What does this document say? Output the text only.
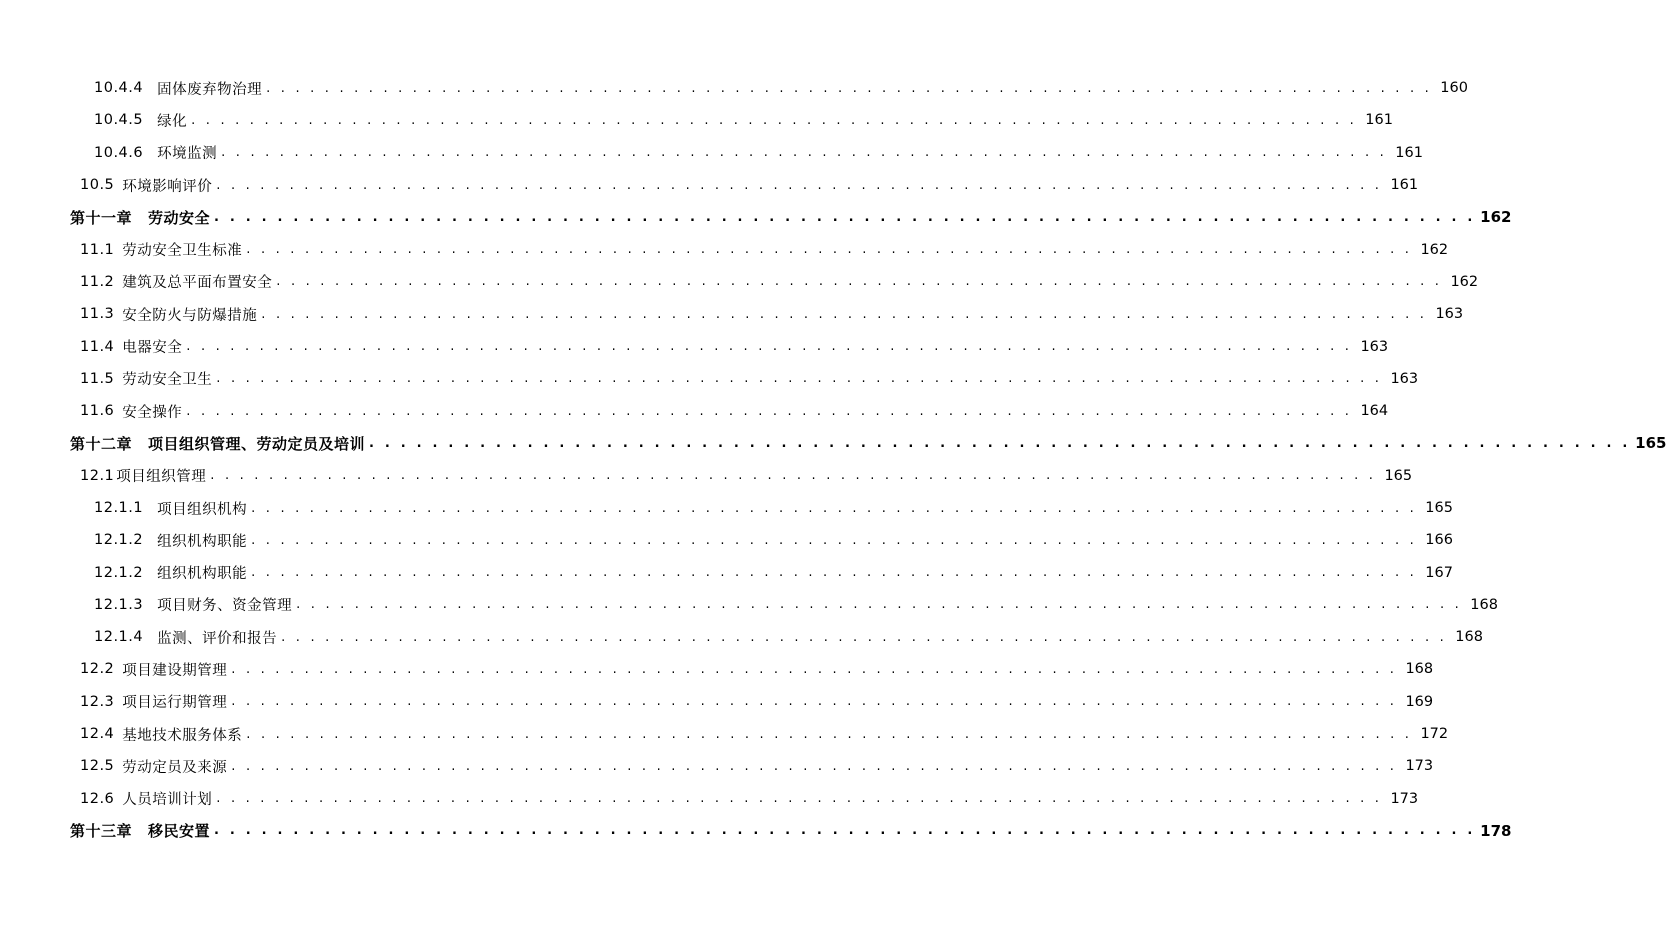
10.4.4 固体废弃物治理 . . . . . . . . . . . . . . . . . . . . . . . . . . . . . . . . . . . . . . . . . . . . . . . . . . . . . . . . . . . . . . . . . . . . . . . . . . . . . . . . 160
10.4.5 绿化 . . . . . . . . . . . . . . . . . . . . . . . . . . . . . . . . . . . . . . . . . . . . . . . . . . . . . . . . . . . . . . . . . . . . . . . . . . . . . . . . 161
10.4.6 环境监测 . . . . . . . . . . . . . . . . . . . . . . . . . . . . . . . . . . . . . . . . . . . . . . . . . . . . . . . . . . . . . . . . . . . . . . . . . . . . . . . . 161
10.5 环境影响评价 . . . . . . . . . . . . . . . . . . . . . . . . . . . . . . . . . . . . . . . . . . . . . . . . . . . . . . . . . . . . . . . . . . . . . . . . . . . . . . . . 161
第十一章 劳动安全 . . . . . . . . . . . . . . . . . . . . . . . . . . . . . . . . . . . . . . . . . . . . . . . . . . . . . . . . . . . . . . . . . . . . . . . . . . . . . . . . 162
11.1 劳动安全卫生标准 . . . . . . . . . . . . . . . . . . . . . . . . . . . . . . . . . . . . . . . . . . . . . . . . . . . . . . . . . . . . . . . . . . . . . . . . . . . . . . . . 162
11.2 建筑及总平面布置安全 . . . . . . . . . . . . . . . . . . . . . . . . . . . . . . . . . . . . . . . . . . . . . . . . . . . . . . . . . . . . . . . . . . . . . . . . . . . . . . . . 162
11.3 安全防火与防爆措施 . . . . . . . . . . . . . . . . . . . . . . . . . . . . . . . . . . . . . . . . . . . . . . . . . . . . . . . . . . . . . . . . . . . . . . . . . . . . . . . . 163
11.4 电器安全 . . . . . . . . . . . . . . . . . . . . . . . . . . . . . . . . . . . . . . . . . . . . . . . . . . . . . . . . . . . . . . . . . . . . . . . . . . . . . . . . 163
11.5 劳动安全卫生 . . . . . . . . . . . . . . . . . . . . . . . . . . . . . . . . . . . . . . . . . . . . . . . . . . . . . . . . . . . . . . . . . . . . . . . . . . . . . . . . 163
11.6 安全操作 . . . . . . . . . . . . . . . . . . . . . . . . . . . . . . . . . . . . . . . . . . . . . . . . . . . . . . . . . . . . . . . . . . . . . . . . . . . . . . . . 164
第十二章 项目组织管理、劳动定员及培训 . . . . . . . . . . . . . . . . . . . . . . . . . . . . . . . . . . . . . . . . . . . . . . . . . . . . . . . . . . . . . . . . . . . . . . . . . . . . . . . . 165
12.1 项目组织管理 . . . . . . . . . . . . . . . . . . . . . . . . . . . . . . . . . . . . . . . . . . . . . . . . . . . . . . . . . . . . . . . . . . . . . . . . . . . . . . . . 165
12.1.1 项目组织机构 . . . . . . . . . . . . . . . . . . . . . . . . . . . . . . . . . . . . . . . . . . . . . . . . . . . . . . . . . . . . . . . . . . . . . . . . . . . . . . . . 165
12.1.2 组织机构职能 . . . . . . . . . . . . . . . . . . . . . . . . . . . . . . . . . . . . . . . . . . . . . . . . . . . . . . . . . . . . . . . . . . . . . . . . . . . . . . . . 166
12.1.2 组织机构职能 . . . . . . . . . . . . . . . . . . . . . . . . . . . . . . . . . . . . . . . . . . . . . . . . . . . . . . . . . . . . . . . . . . . . . . . . . . . . . . . . 167
12.1.3 项目财务、资金管理 . . . . . . . . . . . . . . . . . . . . . . . . . . . . . . . . . . . . . . . . . . . . . . . . . . . . . . . . . . . . . . . . . . . . . . . . . . . . . . . . 168
12.1.4 监测、评价和报告 . . . . . . . . . . . . . . . . . . . . . . . . . . . . . . . . . . . . . . . . . . . . . . . . . . . . . . . . . . . . . . . . . . . . . . . . . . . . . . . . 168
12.2 项目建设期管理 . . . . . . . . . . . . . . . . . . . . . . . . . . . . . . . . . . . . . . . . . . . . . . . . . . . . . . . . . . . . . . . . . . . . . . . . . . . . . . . . 168
12.3 项目运行期管理 . . . . . . . . . . . . . . . . . . . . . . . . . . . . . . . . . . . . . . . . . . . . . . . . . . . . . . . . . . . . . . . . . . . . . . . . . . . . . . . . 169
12.4 基地技术服务体系 . . . . . . . . . . . . . . . . . . . . . . . . . . . . . . . . . . . . . . . . . . . . . . . . . . . . . . . . . . . . . . . . . . . . . . . . . . . . . . . . 172
12.5 劳动定员及来源 . . . . . . . . . . . . . . . . . . . . . . . . . . . . . . . . . . . . . . . . . . . . . . . . . . . . . . . . . . . . . . . . . . . . . . . . . . . . . . . . 173
12.6 人员培训计划 . . . . . . . . . . . . . . . . . . . . . . . . . . . . . . . . . . . . . . . . . . . . . . . . . . . . . . . . . . . . . . . . . . . . . . . . . . . . . . . . 173
第十三章 移民安置 . . . . . . . . . . . . . . . . . . . . . . . . . . . . . . . . . . . . . . . . . . . . . . . . . . . . . . . . . . . . . . . . . . . . . . . . . . . . . . . . 178
